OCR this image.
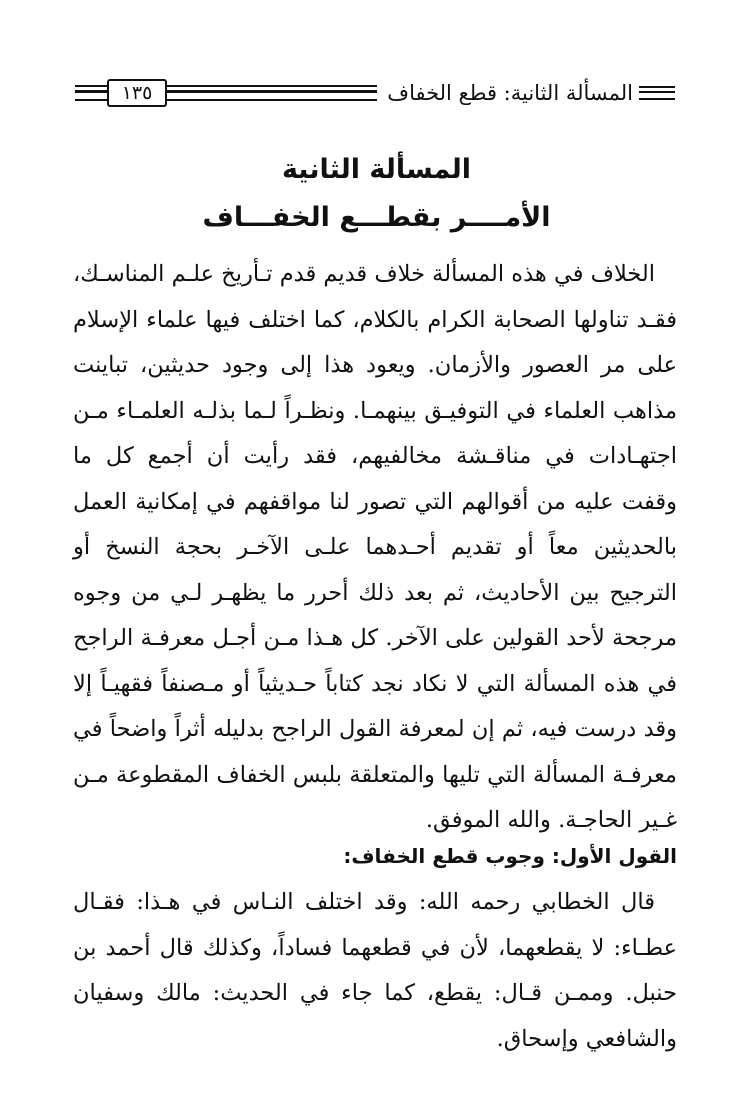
المسألة الثانية: قطع الخفاف
١٣٥
المسألة الثانية
الأمــــر بقطـــع الخفـــاف

الخلاف في هذه المسألة خلاف قديم قدم تـأريخ علـم المناسـك، فقـد تناولها الصحابة الكرام بالكلام، كما اختلف فيها علماء الإسلام على مر العصور والأزمان. ويعود هذا إلى وجود حديثين، تباينت مذاهب العلماء في التوفيـق بينهمـا. ونظـراً لـما بذلـه العلمـاء مـن اجتهـادات في مناقـشة مخالفيهم، فقد رأيت أن أجمع كل ما وقفت عليه من أقوالهم التي تصور لنا مواقفهم في إمكانية العمل بالحديثين معاً أو تقديم أحـدهما علـى الآخـر بحجة النسخ أو الترجيح بين الأحاديث، ثم بعد ذلك أحرر ما يظهـر لـي من وجوه مرجحة لأحد القولين على الآخر. كل هـذا مـن أجـل معرفـة الراجح في هذه المسألة التي لا نكاد نجد كتاباً حـديثياً أو مـصنفاً فقهيـاً إلا وقد درست فيه، ثم إن لمعرفة القول الراجح بدليله أثراً واضحاً في معرفـة المسألة التي تليها والمتعلقة بلبس الخفاف المقطوعة مـن غـير الحاجـة. والله الموفق.

القول الأول: وجوب قطع الخفاف:

قال الخطابي رحمه الله: وقد اختلف النـاس في هـذا: فقـال عطـاء: لا يقطعهما، لأن في قطعهما فساداً، وكذلك قال أحمد بن حنبل. وممـن قـال: يقطع، كما جاء في الحديث: مالك وسفيان والشافعي وإسحاق.
